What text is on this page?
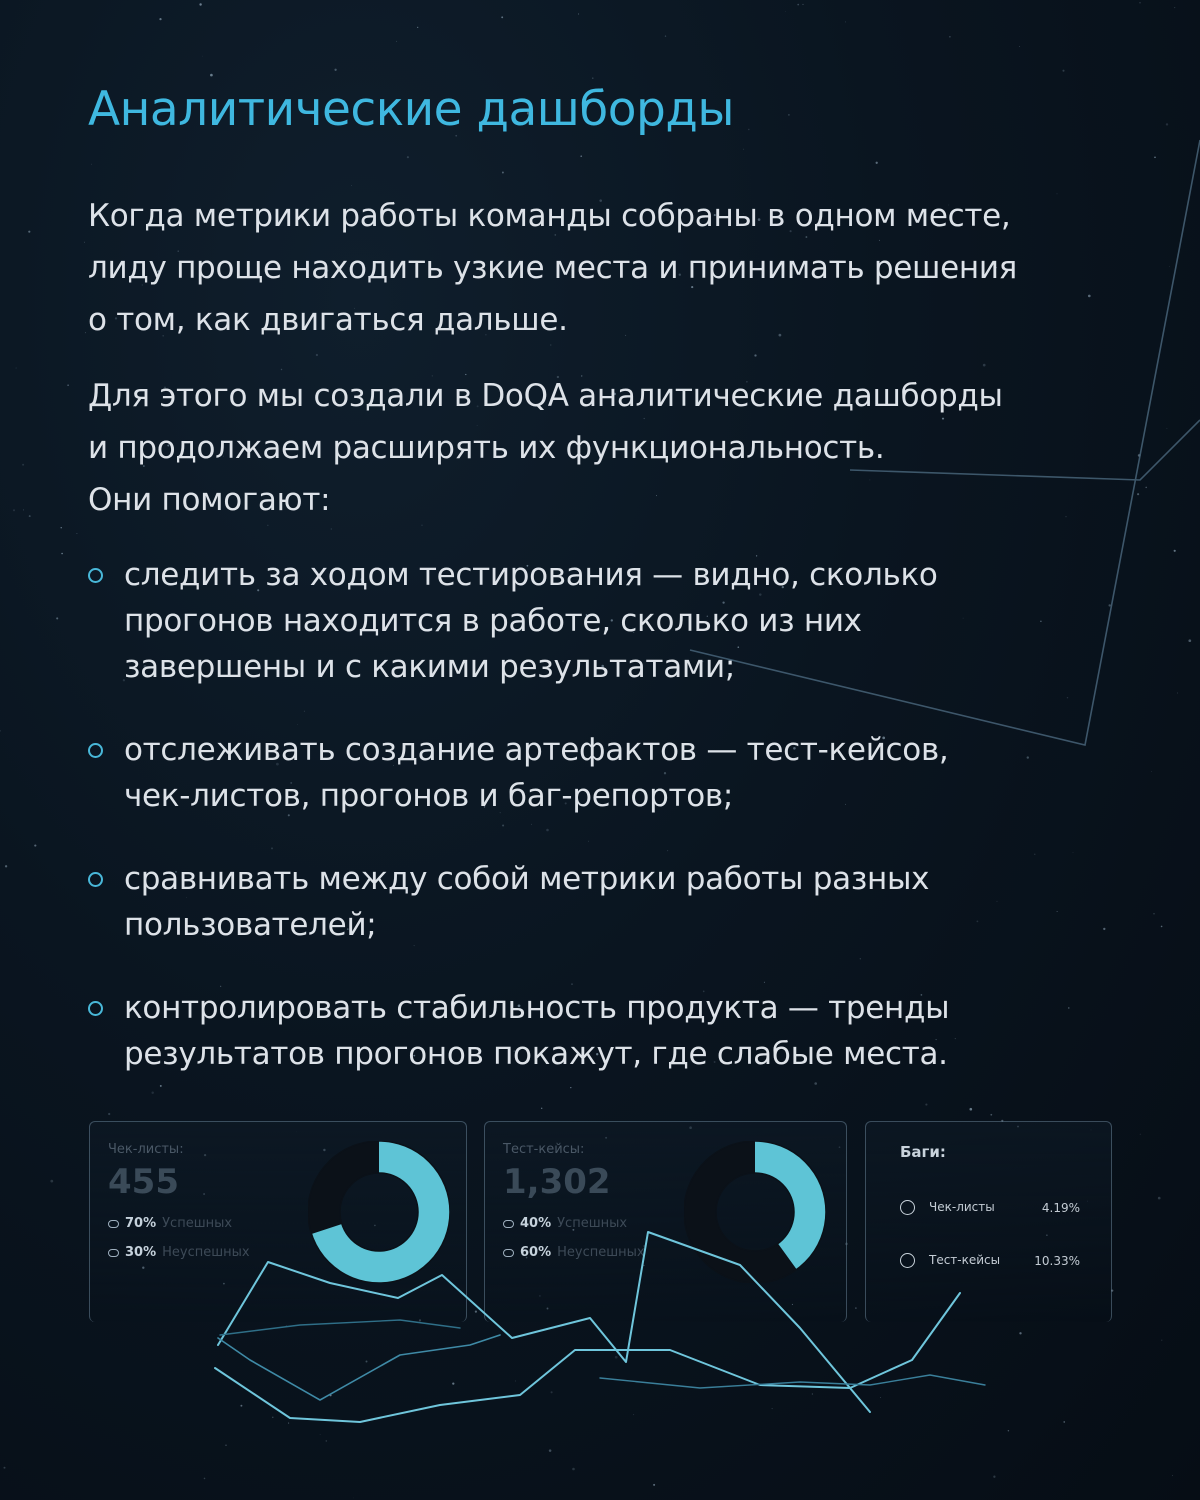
Аналитические дашборды

Когда метрики работы команды собраны в одном месте,
лиду проще находить узкие места и принимать решения
о том, как двигаться дальше.

Для этого мы создали в DoQA аналитические дашборды
и продолжаем расширять их функциональность.
Они помогают:

следить за ходом тестирования — видно, сколько
прогонов находится в работе, сколько из них
завершены и с какими результатами;
отслеживать создание артефактов — тест-кейсов,
чек-листов, прогонов и баг-репортов;
сравнивать между собой метрики работы разных
пользователей;
контролировать стабильность продукта — тренды
результатов прогонов покажут, где слабые места.
Чек-листы:
455
70% Успешных
30% Неуспешных
Тест-кейсы:
1,302
40% Успешных
60% Неуспешных
Баги:
Чек-листы	4.19%
Тест-кейсы	10.33%
